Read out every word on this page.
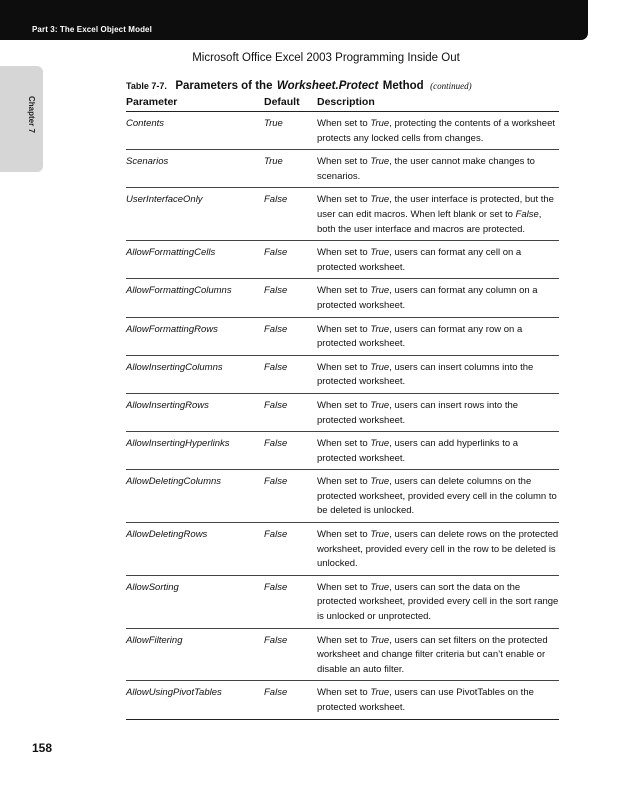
Part 3: The Excel Object Model
Microsoft Office Excel 2003 Programming Inside Out
Chapter 7
Table 7-7. Parameters of the Worksheet.Protect Method (continued)
Parameter	Default	Description
Contents	True	When set to True, protecting the contents of a worksheet protects any locked cells from changes.
Scenarios	True	When set to True, the user cannot make changes to scenarios.
UserInterfaceOnly	False	When set to True, the user interface is protected, but the user can edit macros. When left blank or set to False, both the user interface and macros are protected.
AllowFormattingCells	False	When set to True, users can format any cell on a protected worksheet.
AllowFormattingColumns	False	When set to True, users can format any column on a protected worksheet.
AllowFormattingRows	False	When set to True, users can format any row on a protected worksheet.
AllowInsertingColumns	False	When set to True, users can insert columns into the protected worksheet.
AllowInsertingRows	False	When set to True, users can insert rows into the protected worksheet.
AllowInsertingHyperlinks	False	When set to True, users can add hyperlinks to a protected worksheet.
AllowDeletingColumns	False	When set to True, users can delete columns on the protected worksheet, provided every cell in the column to be deleted is unlocked.
AllowDeletingRows	False	When set to True, users can delete rows on the protected worksheet, provided every cell in the row to be deleted is unlocked.
AllowSorting	False	When set to True, users can sort the data on the protected worksheet, provided every cell in the sort range is unlocked or unprotected.
AllowFiltering	False	When set to True, users can set filters on the protected worksheet and change filter criteria but can’t enable or disable an auto filter.
AllowUsingPivotTables	False	When set to True, users can use PivotTables on the protected worksheet.
158
